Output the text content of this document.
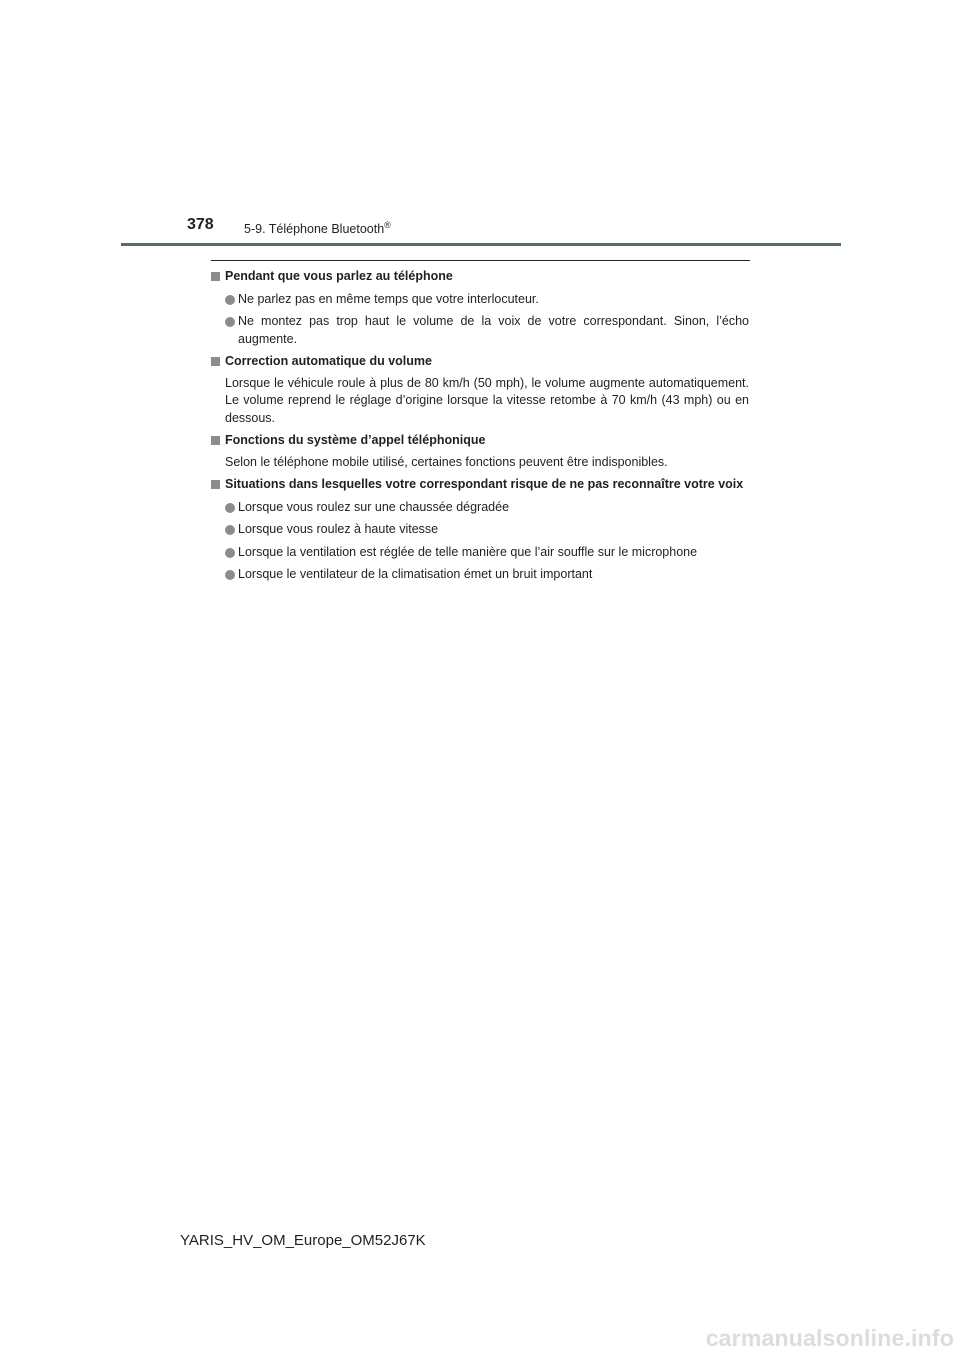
378 5-9. Téléphone Bluetooth®
Pendant que vous parlez au téléphone
Ne parlez pas en même temps que votre interlocuteur.
Ne montez pas trop haut le volume de la voix de votre correspondant. Sinon, l’écho augmente.
Correction automatique du volume
Lorsque le véhicule roule à plus de 80 km/h (50 mph), le volume augmente automatiquement. Le volume reprend le réglage d’origine lorsque la vitesse retombe à 70 km/h (43 mph) ou en dessous.
Fonctions du système d’appel téléphonique
Selon le téléphone mobile utilisé, certaines fonctions peuvent être indisponibles.
Situations dans lesquelles votre correspondant risque de ne pas reconnaître votre voix
Lorsque vous roulez sur une chaussée dégradée
Lorsque vous roulez à haute vitesse
Lorsque la ventilation est réglée de telle manière que l’air souffle sur le microphone
Lorsque le ventilateur de la climatisation émet un bruit important
YARIS_HV_OM_Europe_OM52J67K
carmanualsonline.info
